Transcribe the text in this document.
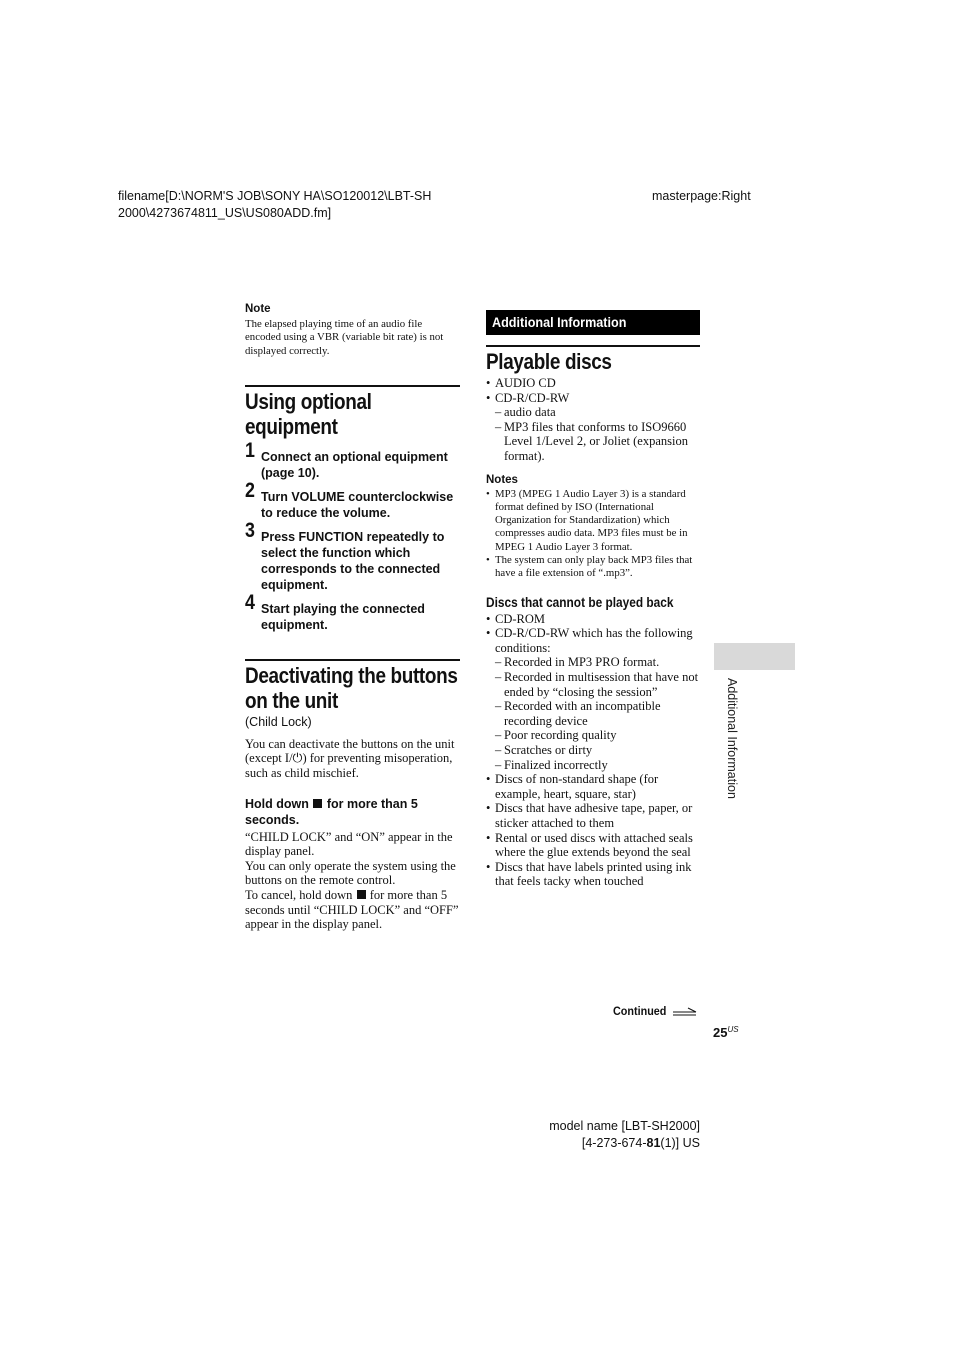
filename[D:\NORM'S JOB\SONY HA\SO120012\LBT-SH2000\4273674811_US\US080ADD.fm]
masterpage:Right
Note
The elapsed playing time of an audio file encoded using a VBR (variable bit rate) is not displayed correctly.
Using optional equipment
1 Connect an optional equipment (page 10).
2 Turn VOLUME counterclockwise to reduce the volume.
3 Press FUNCTION repeatedly to select the function which corresponds to the connected equipment.
4 Start playing the connected equipment.
Deactivating the buttons on the unit
(Child Lock)
You can deactivate the buttons on the unit (except I/⏻) for preventing misoperation, such as child mischief.
Hold down  for more than 5 seconds.
“CHILD LOCK” and “ON” appear in the display panel.
You can only operate the system using the buttons on the remote control.
To cancel, hold down  for more than 5 seconds until “CHILD LOCK” and “OFF” appear in the display panel.
Additional Information
Playable discs
• AUDIO CD
• CD-R/CD-RW
– audio data
– MP3 files that conforms to ISO9660 Level 1/Level 2, or Joliet (expansion format).
Notes
• MP3 (MPEG 1 Audio Layer 3) is a standard format defined by ISO (International Organization for Standardization) which compresses audio data. MP3 files must be in MPEG 1 Audio Layer 3 format.
• The system can only play back MP3 files that have a file extension of “.mp3”.
Discs that cannot be played back
• CD-ROM
• CD-R/CD-RW which has the following conditions:
– Recorded in MP3 PRO format.
– Recorded in multisession that have not ended by “closing the session”
– Recorded with an incompatible recording device
– Poor recording quality
– Scratches or dirty
– Finalized incorrectly
• Discs of non-standard shape (for example, heart, square, star)
• Discs that have adhesive tape, paper, or sticker attached to them
• Rental or used discs with attached seals where the glue extends beyond the seal
• Discs that have labels printed using ink that feels tacky when touched
Additional Information
Continued
$25^{US}$
model name [LBT-SH2000]
[4-273-674-81(1)] US
